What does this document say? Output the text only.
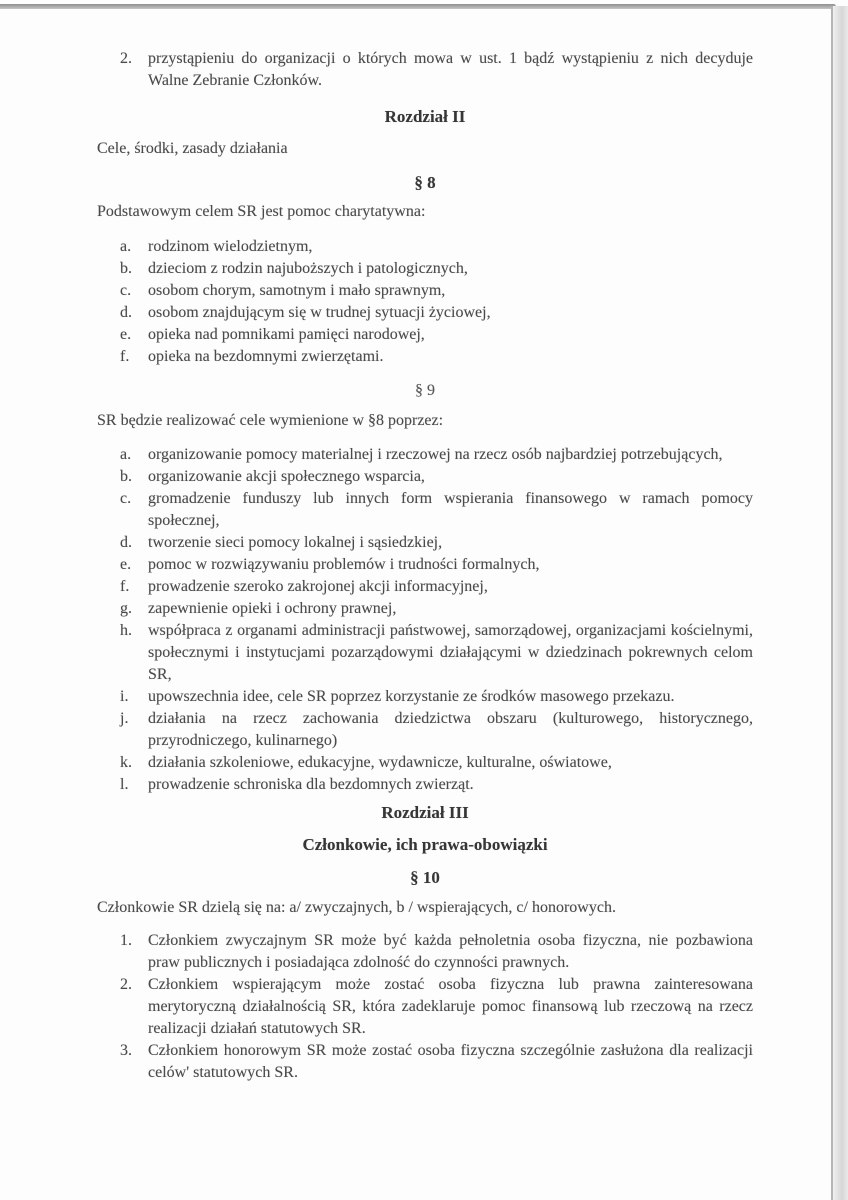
2.	przystąpieniu do organizacji o których mowa w ust. 1 bądź wystąpieniu z nich decyduje Walne Zebranie Członków.
Rozdział II
Cele, środki, zasady działania
§ 8
Podstawowym celem SR jest pomoc charytatywna:
a.	rodzinom wielodzietnym,
b.	dzieciom z rodzin najuboższych i patologicznych,
c.	osobom chorym, samotnym i mało sprawnym,
d.	osobom znajdującym się w trudnej sytuacji życiowej,
e.	opieka nad pomnikami pamięci narodowej,
f.	opieka na bezdomnymi zwierzętami.
§ 9
SR będzie realizować cele wymienione w §8 poprzez:
a.	organizowanie pomocy materialnej i rzeczowej na rzecz osób najbardziej potrzebujących,
b.	organizowanie akcji społecznego wsparcia,
c.	gromadzenie funduszy lub innych form wspierania finansowego w ramach pomocy społecznej,
d.	tworzenie sieci pomocy lokalnej i sąsiedzkiej,
e.	pomoc w rozwiązywaniu problemów i trudności formalnych,
f.	prowadzenie szeroko zakrojonej akcji informacyjnej,
g.	zapewnienie opieki i ochrony prawnej,
h.	współpraca z organami administracji państwowej, samorządowej, organizacjami kościelnymi, społecznymi i instytucjami pozarządowymi działającymi w dziedzinach pokrewnych celom SR,
i.	upowszechnia idee, cele SR poprzez korzystanie ze środków masowego przekazu.
j.	działania na rzecz zachowania dziedzictwa obszaru (kulturowego, historycznego, przyrodniczego, kulinarnego)
k.	działania szkoleniowe, edukacyjne, wydawnicze, kulturalne, oświatowe,
l.	prowadzenie schroniska dla bezdomnych zwierząt.
Rozdział III
Członkowie, ich prawa-obowiązki
§ 10
Członkowie SR dzielą się na: a/ zwyczajnych, b / wspierających, c/ honorowych.
1.	Członkiem zwyczajnym SR może być każda pełnoletnia osoba fizyczna, nie pozbawiona praw publicznych i posiadająca zdolność do czynności prawnych.
2.	Członkiem wspierającym może zostać osoba fizyczna lub prawna zainteresowana merytoryczną działalnością SR, która zadeklaruje pomoc finansową lub rzeczową na rzecz realizacji działań statutowych SR.
3.	Członkiem honorowym SR może zostać osoba fizyczna szczególnie zasłużona dla realizacji celów' statutowych SR.
